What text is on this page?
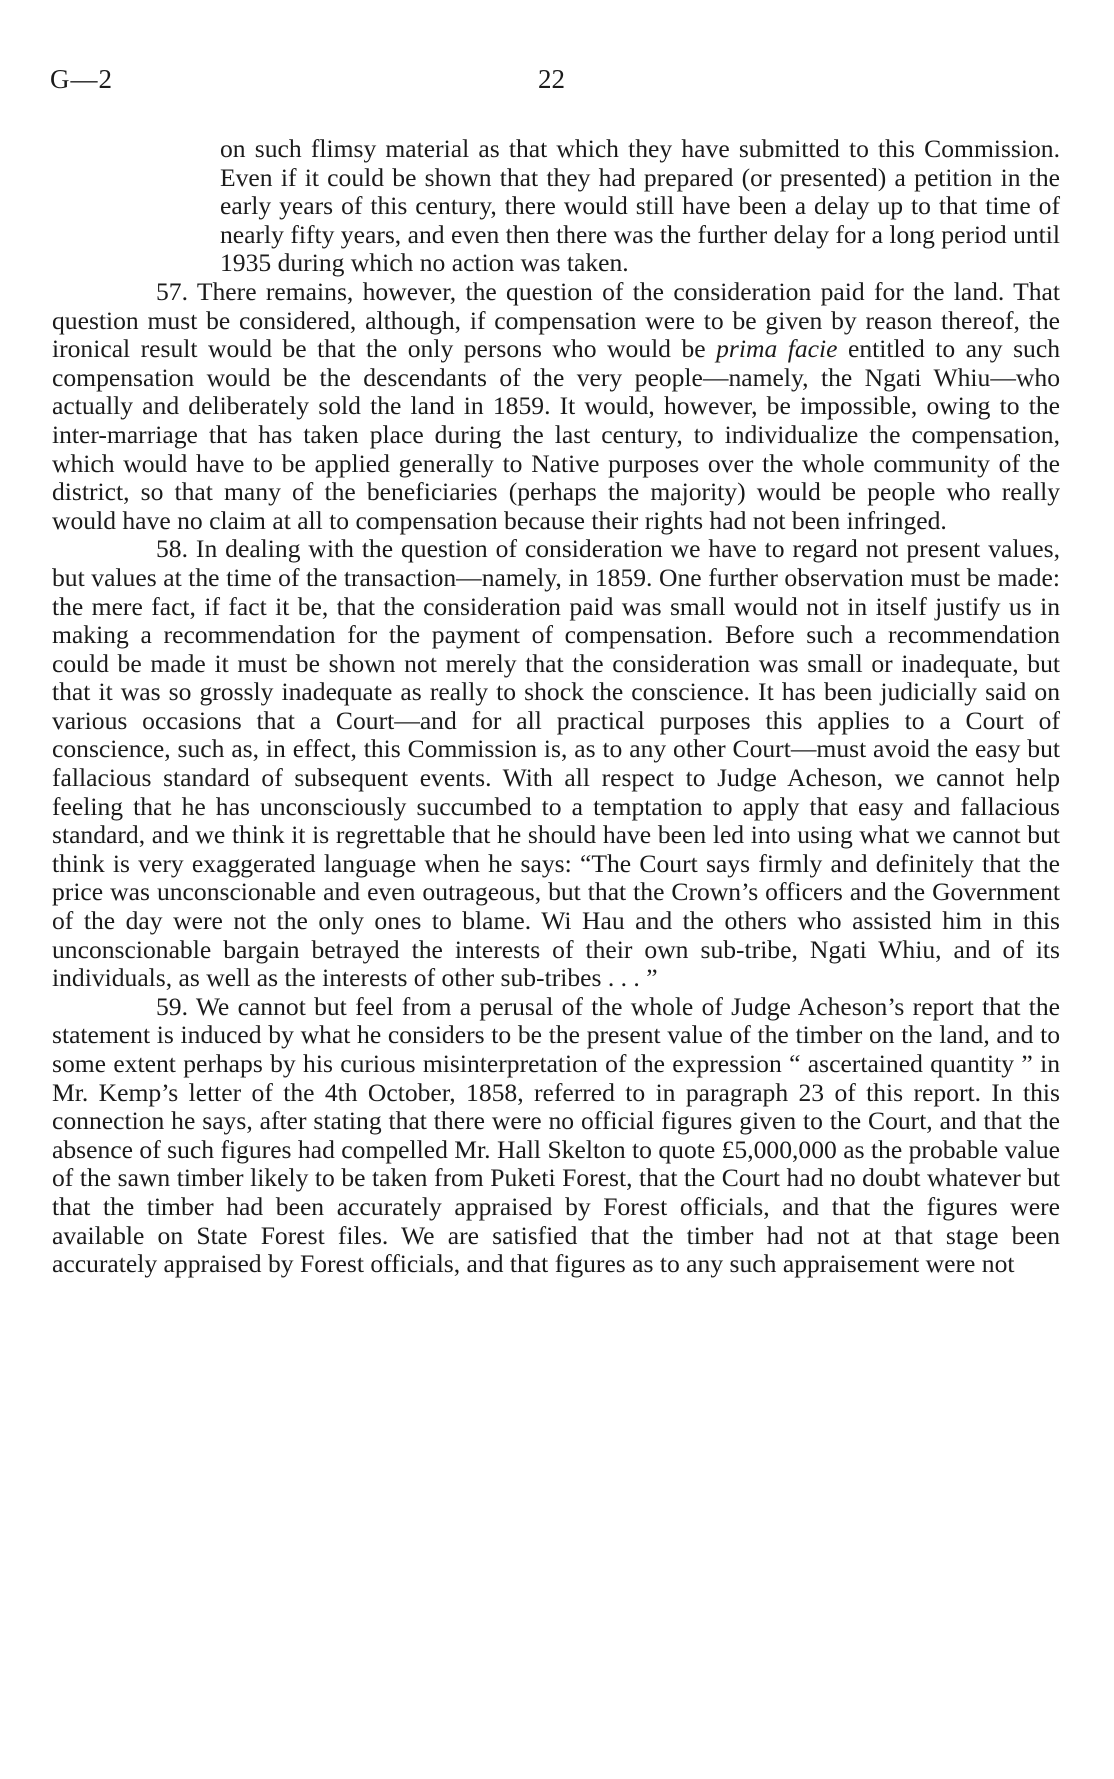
G—2	22

on such flimsy material as that which they have submitted to this Commission. Even if it could be shown that they had prepared (or presented) a petition in the early years of this century, there would still have been a delay up to that time of nearly fifty years, and even then there was the further delay for a long period until 1935 during which no action was taken.

57. There remains, however, the question of the consideration paid for the land. That question must be considered, although, if compensation were to be given by reason thereof, the ironical result would be that the only persons who would be prima facie entitled to any such compensation would be the descendants of the very people—namely, the Ngati Whiu—who actually and deliberately sold the land in 1859. It would, however, be impossible, owing to the inter-marriage that has taken place during the last century, to individualize the compensation, which would have to be applied generally to Native purposes over the whole community of the district, so that many of the beneficiaries (perhaps the majority) would be people who really would have no claim at all to compensation because their rights had not been infringed.

58. In dealing with the question of consideration we have to regard not present values, but values at the time of the transaction—namely, in 1859. One further observation must be made: the mere fact, if fact it be, that the consideration paid was small would not in itself justify us in making a recommendation for the payment of compensation. Before such a recommendation could be made it must be shown not merely that the consideration was small or inadequate, but that it was so grossly inadequate as really to shock the conscience. It has been judicially said on various occasions that a Court—and for all practical purposes this applies to a Court of conscience, such as, in effect, this Commission is, as to any other Court—must avoid the easy but fallacious standard of subsequent events. With all respect to Judge Acheson, we cannot help feeling that he has unconsciously succumbed to a temptation to apply that easy and fallacious standard, and we think it is regrettable that he should have been led into using what we cannot but think is very exaggerated language when he says: “The Court says firmly and definitely that the price was unconscionable and even outrageous, but that the Crown’s officers and the Government of the day were not the only ones to blame. Wi Hau and the others who assisted him in this unconscionable bargain betrayed the interests of their own sub-tribe, Ngati Whiu, and of its individuals, as well as the interests of other sub-tribes . . . ”

59. We cannot but feel from a perusal of the whole of Judge Acheson’s report that the statement is induced by what he considers to be the present value of the timber on the land, and to some extent perhaps by his curious misinterpretation of the expression “ ascertained quantity ” in Mr. Kemp’s letter of the 4th October, 1858, referred to in paragraph 23 of this report. In this connection he says, after stating that there were no official figures given to the Court, and that the absence of such figures had compelled Mr. Hall Skelton to quote £5,000,000 as the probable value of the sawn timber likely to be taken from Puketi Forest, that the Court had no doubt whatever but that the timber had been accurately appraised by Forest officials, and that the figures were available on State Forest files. We are satisfied that the timber had not at that stage been accurately appraised by Forest officials, and that figures as to any such appraisement were not
